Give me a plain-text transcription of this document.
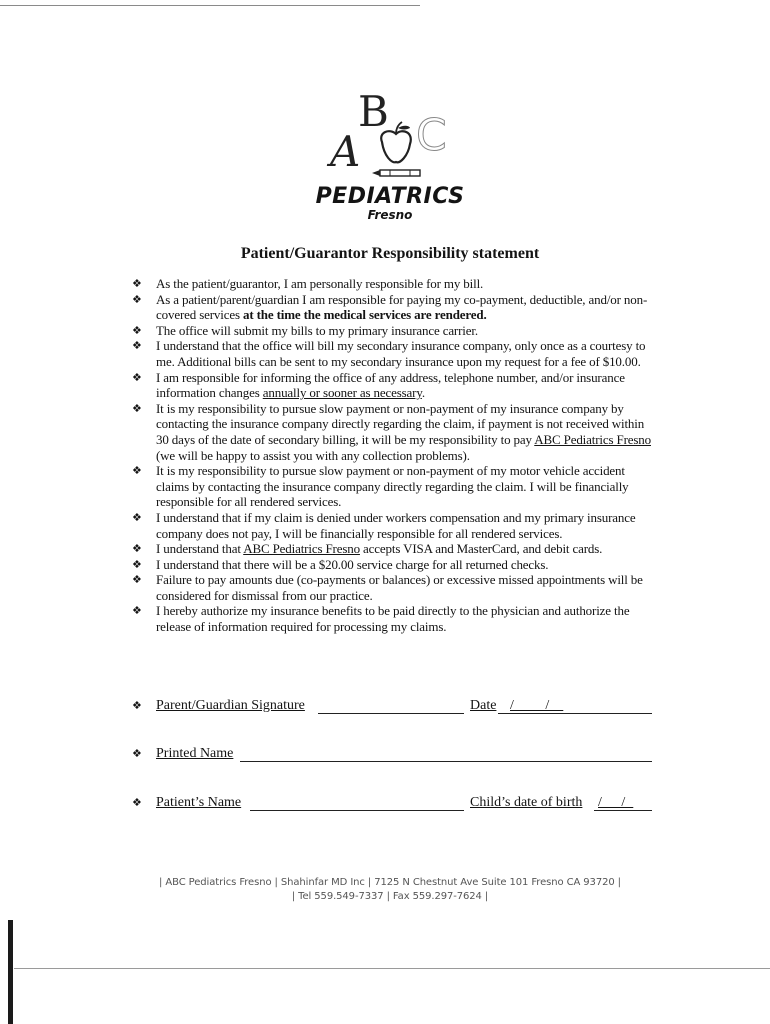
B
A C
PEDIATRICS
Fresno
Patient/Guarantor Responsibility statement
❖ As the patient/guarantor, I am personally responsible for my bill.
❖ As a patient/parent/guardian I am responsible for paying my co-payment, deductible, and/or non-covered services at the time the medical services are rendered.
❖ The office will submit my bills to my primary insurance carrier.
❖ I understand that the office will bill my secondary insurance company, only once as a courtesy to me. Additional bills can be sent to my secondary insurance upon my request for a fee of $10.00.
❖ I am responsible for informing the office of any address, telephone number, and/or insurance information changes annually or sooner as necessary.
❖ It is my responsibility to pursue slow payment or non-payment of my insurance company by contacting the insurance company directly regarding the claim, if payment is not received within 30 days of the date of secondary billing, it will be my responsibility to pay ABC Pediatrics Fresno (we will be happy to assist you with any collection problems).
❖ It is my responsibility to pursue slow payment or non-payment of my motor vehicle accident claims by contacting the insurance company directly regarding the claim. I will be financially responsible for all rendered services.
❖ I understand that if my claim is denied under workers compensation and my primary insurance company does not pay, I will be financially responsible for all rendered services.
❖ I understand that ABC Pediatrics Fresno accepts VISA and MasterCard, and debit cards.
❖ I understand that there will be a $20.00 service charge for all returned checks.
❖ Failure to pay amounts due (co-payments or balances) or excessive missed appointments will be considered for dismissal from our practice.
❖ I hereby authorize my insurance benefits to be paid directly to the physician and authorize the release of information required for processing my claims.
❖ Parent/Guardian Signature	Date / /
❖ Printed Name
❖ Patient’s Name	Child’s date of birth / /
| ABC Pediatrics Fresno | Shahinfar MD Inc | 7125 N Chestnut Ave Suite 101 Fresno CA 93720 |
| Tel 559.549-7337 | Fax 559.297-7624 |
